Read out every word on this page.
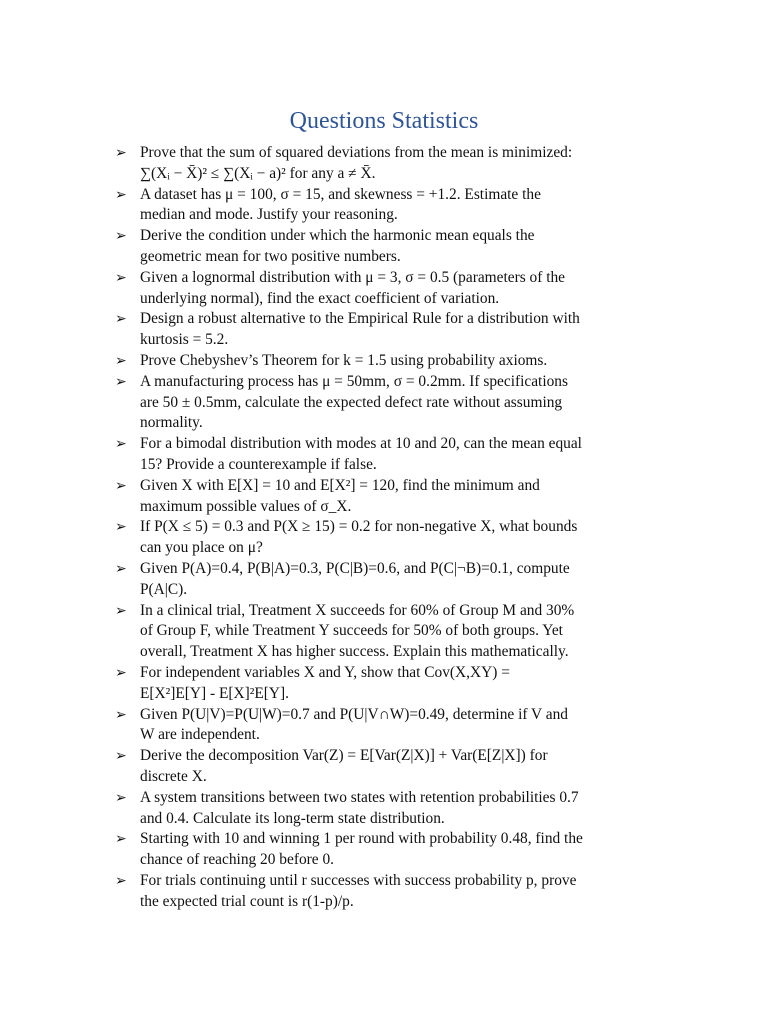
Questions Statistics
➢ Prove that the sum of squared deviations from the mean is minimized:
∑(Xᵢ − X̄)² ≤ ∑(Xᵢ − a)² for any a ≠ X̄.
➢ A dataset has μ = 100, σ = 15, and skewness = +1.2. Estimate the
median and mode. Justify your reasoning.
➢ Derive the condition under which the harmonic mean equals the
geometric mean for two positive numbers.
➢ Given a lognormal distribution with μ = 3, σ = 0.5 (parameters of the
underlying normal), find the exact coefficient of variation.
➢ Design a robust alternative to the Empirical Rule for a distribution with
kurtosis = 5.2.
➢ Prove Chebyshev’s Theorem for k = 1.5 using probability axioms.
➢ A manufacturing process has μ = 50mm, σ = 0.2mm. If specifications
are 50 ± 0.5mm, calculate the expected defect rate without assuming
normality.
➢ For a bimodal distribution with modes at 10 and 20, can the mean equal
15? Provide a counterexample if false.
➢ Given X with E[X] = 10 and E[X²] = 120, find the minimum and
maximum possible values of σ_X.
➢ If P(X ≤ 5) = 0.3 and P(X ≥ 15) = 0.2 for non-negative X, what bounds
can you place on μ?
➢ Given P(A)=0.4, P(B|A)=0.3, P(C|B)=0.6, and P(C|¬B)=0.1, compute
P(A|C).
➢ In a clinical trial, Treatment X succeeds for 60% of Group M and 30%
of Group F, while Treatment Y succeeds for 50% of both groups. Yet
overall, Treatment X has higher success. Explain this mathematically.
➢ For independent variables X and Y, show that Cov(X,XY) =
E[X²]E[Y] - E[X]²E[Y].
➢ Given P(U|V)=P(U|W)=0.7 and P(U|V∩W)=0.49, determine if V and
W are independent.
➢ Derive the decomposition Var(Z) = E[Var(Z|X)] + Var(E[Z|X]) for
discrete X.
➢ A system transitions between two states with retention probabilities 0.7
and 0.4. Calculate its long-term state distribution.
➢ Starting with 10 and winning 1 per round with probability 0.48, find the
chance of reaching 20 before 0.
➢ For trials continuing until r successes with success probability p, prove
the expected trial count is r(1-p)/p.
